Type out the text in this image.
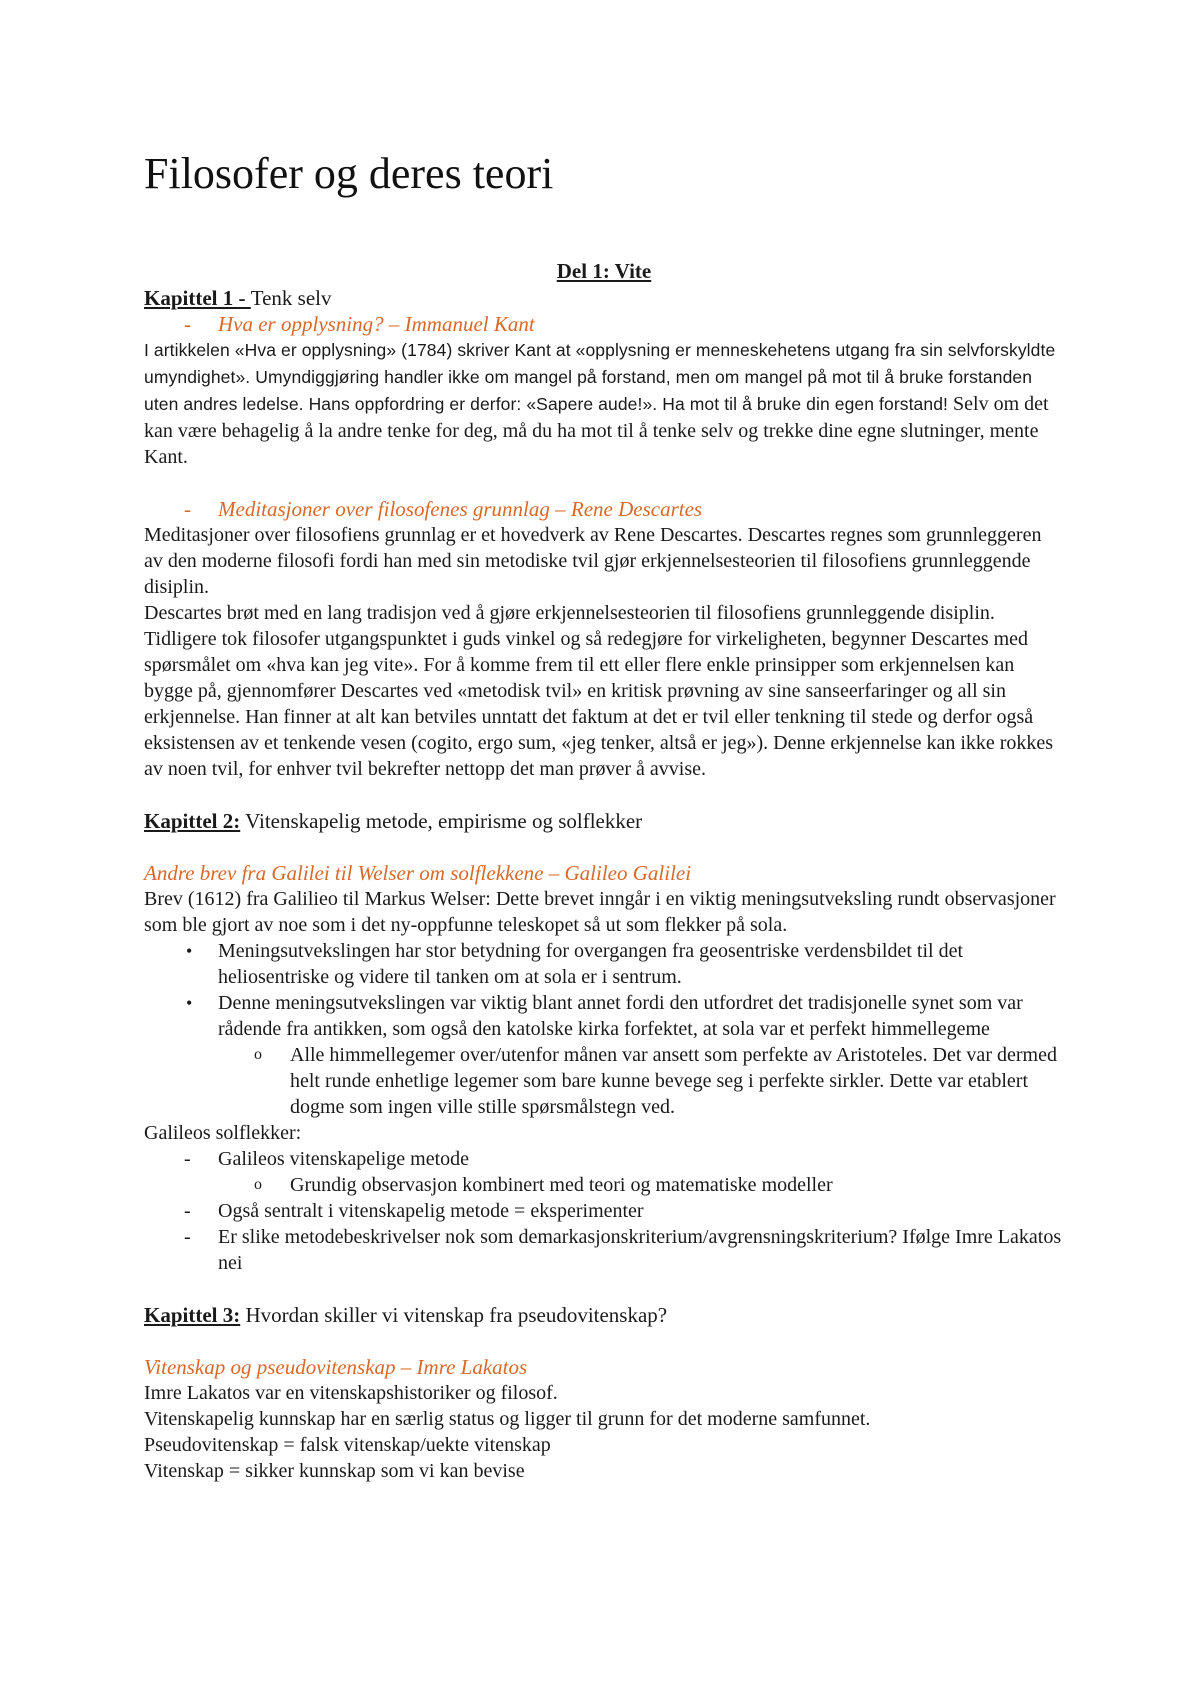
Filosofer og deres teori
Del 1: Vite

Kapittel 1 - Tenk selv

- Hva er opplysning? – Immanuel Kant

I artikkelen «Hva er opplysning» (1784) skriver Kant at «opplysning er menneskehetens utgang fra sin selvforskyldte umyndighet». Umyndiggjøring handler ikke om mangel på forstand, men om mangel på mot til å bruke forstanden uten andres ledelse. Hans oppfordring er derfor: «Sapere aude!». Ha mot til å bruke din egen forstand! Selv om det kan være behagelig å la andre tenke for deg, må du ha mot til å tenke selv og trekke dine egne slutninger, mente Kant.

- Meditasjoner over filosofenes grunnlag – Rene Descartes

Meditasjoner over filosofiens grunnlag er et hovedverk av Rene Descartes. Descartes regnes som grunnleggeren av den moderne filosofi fordi han med sin metodiske tvil gjør erkjennelsesteorien til filosofiens grunnleggende disiplin.

Descartes brøt med en lang tradisjon ved å gjøre erkjennelsesteorien til filosofiens grunnleggende disiplin. Tidligere tok filosofer utgangspunktet i guds vinkel og så redegjøre for virkeligheten, begynner Descartes med spørsmålet om «hva kan jeg vite». For å komme frem til ett eller flere enkle prinsipper som erkjennelsen kan bygge på, gjennomfører Descartes ved «metodisk tvil» en kritisk prøvning av sine sanseerfaringer og all sin erkjennelse. Han finner at alt kan betviles unntatt det faktum at det er tvil eller tenkning til stede og derfor også eksistensen av et tenkende vesen (cogito, ergo sum, «jeg tenker, altså er jeg»). Denne erkjennelse kan ikke rokkes av noen tvil, for enhver tvil bekrefter nettopp det man prøver å avvise.

Kapittel 2: Vitenskapelig metode, empirisme og solflekker

Andre brev fra Galilei til Welser om solflekkene – Galileo Galilei

Brev (1612) fra Galilieo til Markus Welser: Dette brevet inngår i en viktig meningsutveksling rundt observasjoner som ble gjort av noe som i det ny-oppfunne teleskopet så ut som flekker på sola.

• Meningsutvekslingen har stor betydning for overgangen fra geosentriske verdensbildet til det heliosentriske og videre til tanken om at sola er i sentrum.
• Denne meningsutvekslingen var viktig blant annet fordi den utfordret det tradisjonelle synet som var rådende fra antikken, som også den katolske kirka forfektet, at sola var et perfekt himmellegeme
o Alle himmellegemer over/utenfor månen var ansett som perfekte av Aristoteles. Det var dermed helt runde enhetlige legemer som bare kunne bevege seg i perfekte sirkler. Dette var etablert dogme som ingen ville stille spørsmålstegn ved.

Galileos solflekker:

- Galileos vitenskapelige metode

o Grundig observasjon kombinert med teori og matematiske modeller

- Også sentralt i vitenskapelig metode = eksperimenter

- Er slike metodebeskrivelser nok som demarkasjonskriterium/avgrensningskriterium? Ifølge Imre Lakatos nei

Kapittel 3: Hvordan skiller vi vitenskap fra pseudovitenskap?

Vitenskap og pseudovitenskap – Imre Lakatos

Imre Lakatos var en vitenskapshistoriker og filosof.

Vitenskapelig kunnskap har en særlig status og ligger til grunn for det moderne samfunnet.

Pseudovitenskap = falsk vitenskap/uekte vitenskap

Vitenskap = sikker kunnskap som vi kan bevise
